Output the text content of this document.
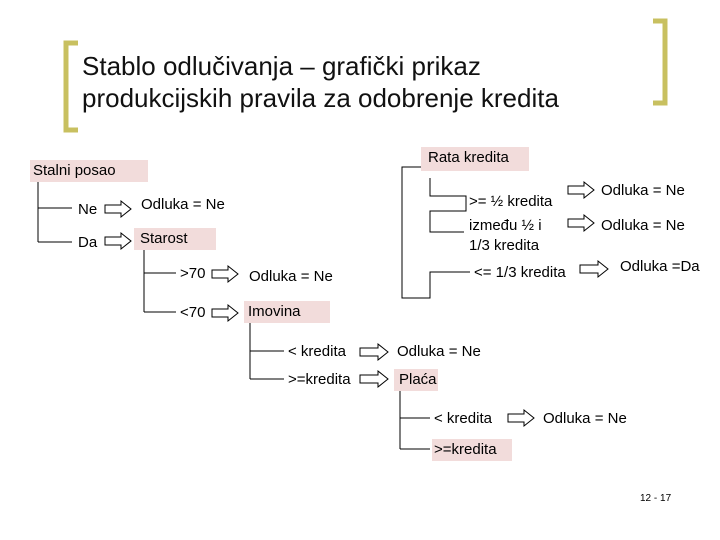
Stablo odlučivanja – grafički prikaz
produkcijskih pravila za odobrenje kredita
Stalni posao
Ne	Odluka = Ne
Da	Starost
>70	Odluka = Ne
<70	Imovina
< kredita	Odluka = Ne
>=kredita	Plaća
< kredita	Odluka = Ne
>=kredita
Rata kredita
>= ½ kredita
Odluka = Ne
između ½ i
1/3 kredita
Odluka = Ne
<= 1/3 kredita	Odluka =Da
12 - 17
